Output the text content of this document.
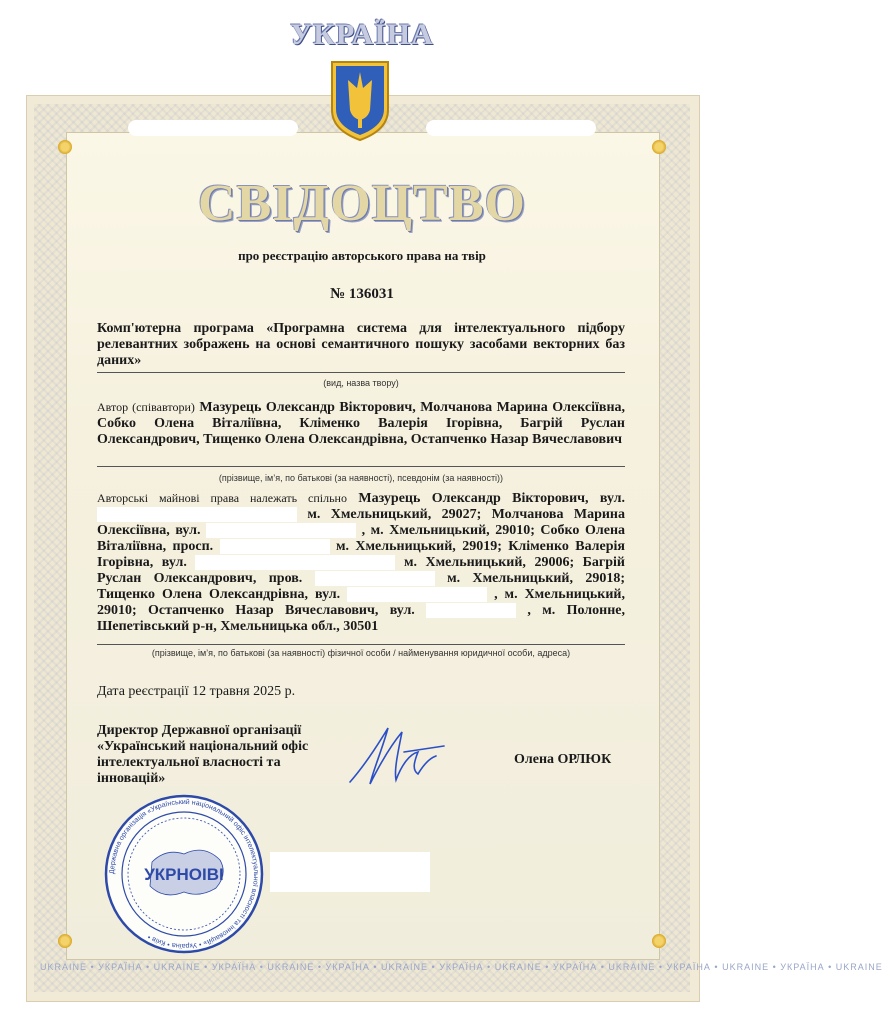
УКРАЇНА
СВІДОЦТВО
про реєстрацію авторського права на твір
№ 136031
Комп'ютерна програма «Програмна система для інтелектуального підбору релевантних зображень на основі семантичного пошуку засобами векторних баз даних»
(вид, назва твору)
Автор (співавтори) Мазурець Олександр Вікторович, Молчанова Марина Олексіївна, Собко Олена Віталіївна, Кліменко Валерія Ігорівна, Багрій Руслан Олександрович, Тищенко Олена Олександрівна, Остапченко Назар Вячеславович
(прізвище, ім’я, по батькові (за наявності), псевдонім (за наявності))
Авторські майнові права належать спільно Мазурець Олександр Вікторович, вул.  м. Хмельницький, 29027; Молчанова Марина Олексіївна, вул.	, м. Хмельницький, 29010; Собко Олена Віталіївна, просп.	м. Хмельницький, 29019; Кліменко Валерія Ігорівна, вул.	м. Хмельницький, 29006; Багрій Руслан Олександрович, пров.	м. Хмельницький, 29018; Тищенко Олена Олександрівна, вул.	, м. Хмельницький, 29010; Остапченко Назар Вячеславович, вул.	, м. Полонне, Шепетівський р-н, Хмельницька обл., 30501
(прізвище, ім’я, по батькові (за наявності) фізичної особи / найменування юридичної особи, адреса)
Дата реєстрації 12 травня 2025 р.
Директор Державної організації «Український національний офіс інтелектуальної власності та інновацій»
Олена ОРЛЮК
Державна організація «Український національний офіс інтелектуальної власності та інновацій» • Україна • Київ •
УКРНОІВІ
UKRAINE • УКРАЇНА • UKRAINE • УКРАЇНА • UKRAINE • УКРАЇНА • UKRAINE • УКРАЇНА • UKRAINE • УКРАЇНА • UKRAINE • УКРАЇНА • UKRAINE • УКРАЇНА • UKRAINE
